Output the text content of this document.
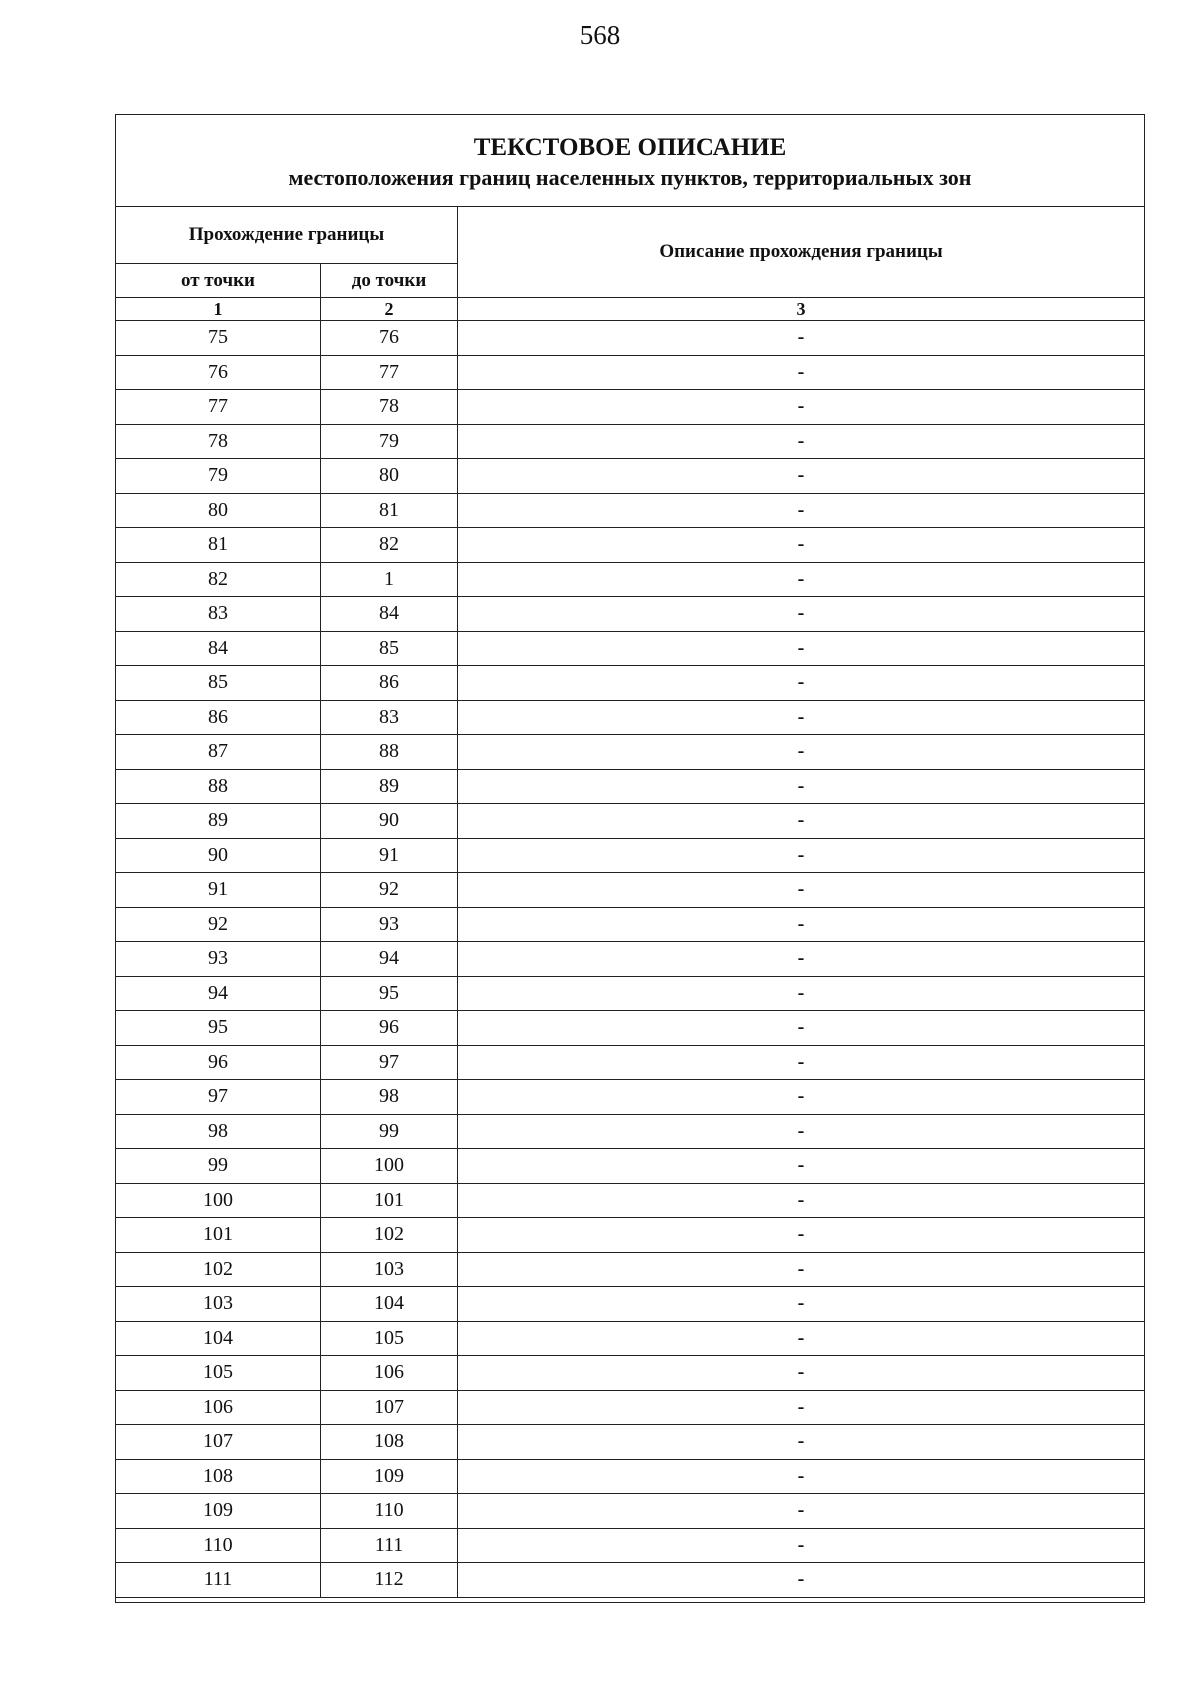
568
ТЕКСТОВОЕ ОПИСАНИЕ
местоположения границ населенных пунктов, территориальных зон		

Прохождение границы		Описание прохождения границы
от точки	до точки	
1	2	3
75	76	-
76	77	-
77	78	-
78	79	-
79	80	-
80	81	-
81	82	-
82	1	-
83	84	-
84	85	-
85	86	-
86	83	-
87	88	-
88	89	-
89	90	-
90	91	-
91	92	-
92	93	-
93	94	-
94	95	-
95	96	-
96	97	-
97	98	-
98	99	-
99	100	-
100	101	-
101	102	-
102	103	-
103	104	-
104	105	-
105	106	-
106	107	-
107	108	-
108	109	-
109	110	-
110	111	-
111	112	-
